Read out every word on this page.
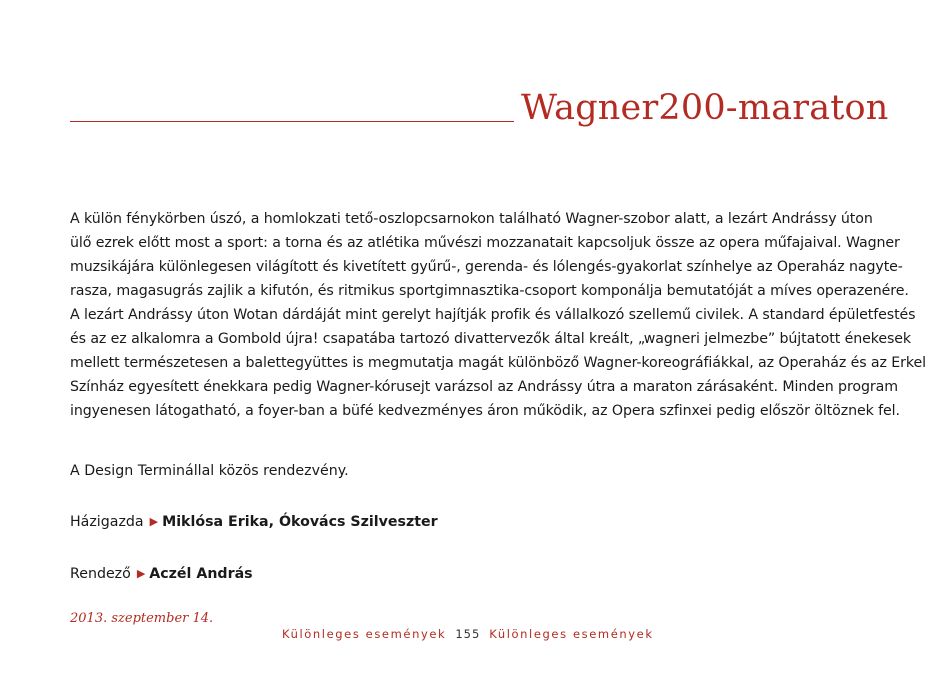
Wagner200-maraton
A külön fénykörben úszó, a homlokzati tető-oszlopcsarnokon található Wagner-szobor alatt, a lezárt Andrássy úton
ülő ezrek előtt most a sport: a torna és az atlétika művészi mozzanatait kapcsoljuk össze az opera műfajaival. Wagner
muzsikájára különlegesen világított és kivetített gyűrű-, gerenda- és lólengés-gyakorlat színhelye az Operaház nagyte-
rasza, magasugrás zajlik a kifutón, és ritmikus sportgimnasztika-csoport komponálja bemutatóját a míves operazenére.
A lezárt Andrássy úton Wotan dárdáját mint gerelyt hajítják profik és vállalkozó szellemű civilek. A standard épületfestés
és az ez alkalomra a Gombold újra! csapatába tartozó divattervezők által kreált, „wagneri jelmezbe” bújtatott énekesek
mellett természetesen a balettegyüttes is megmutatja magát különböző Wagner-koreográfiákkal, az Operaház és az Erkel
Színház egyesített énekkara pedig Wagner-kórusejt varázsol az Andrássy útra a maraton zárásaként. Minden program
ingyenesen látogatható, a foyer-ban a büfé kedvezményes áron működik, az Opera szfinxei pedig először öltöznek fel.
A Design Terminállal közös rendezvény.
Házigazda ▶ Miklósa Erika, Ókovács Szilveszter
Rendező ▶ Aczél András
2013. szeptember 14.
Különleges események 155 Különleges események
